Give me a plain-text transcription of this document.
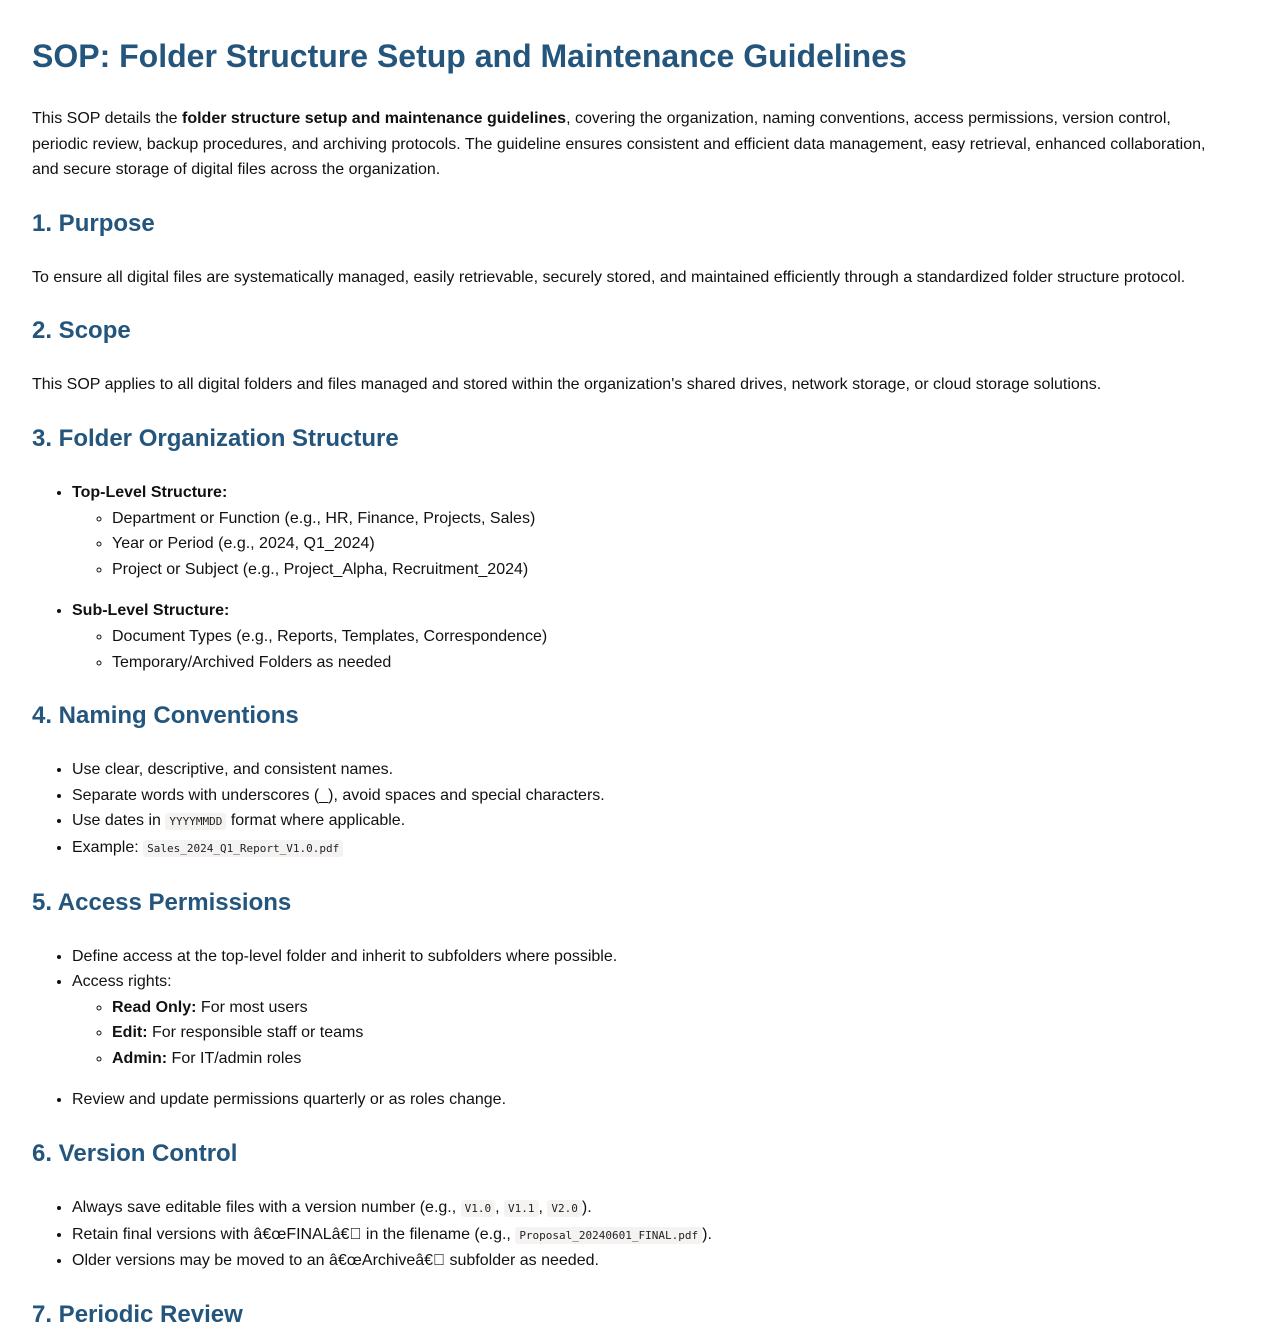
SOP: Folder Structure Setup and Maintenance Guidelines

This SOP details the folder structure setup and maintenance guidelines, covering the organization, naming conventions, access permissions, version control, periodic review, backup procedures, and archiving protocols. The guideline ensures consistent and efficient data management, easy retrieval, enhanced collaboration, and secure storage of digital files across the organization.

1. Purpose

To ensure all digital files are systematically managed, easily retrievable, securely stored, and maintained efficiently through a standardized folder structure protocol.

2. Scope

This SOP applies to all digital folders and files managed and stored within the organization's shared drives, network storage, or cloud storage solutions.

3. Folder Organization Structure
• Top-Level Structure:
◦ Department or Function (e.g., HR, Finance, Projects, Sales)
◦ Year or Period (e.g., 2024, Q1_2024)
◦ Project or Subject (e.g., Project_Alpha, Recruitment_2024)
• Sub-Level Structure:
◦ Document Types (e.g., Reports, Templates, Correspondence)
◦ Temporary/Archived Folders as needed
4. Naming Conventions
• Use clear, descriptive, and consistent names.
• Separate words with underscores (_), avoid spaces and special characters.
• Use dates in YYYYMMDD format where applicable.
• Example: Sales_2024_Q1_Report_V1.0.pdf
5. Access Permissions
• Define access at the top-level folder and inherit to subfolders where possible.
• Access rights:
◦ Read Only: For most users
◦ Edit: For responsible staff or teams
◦ Admin: For IT/admin roles
• Review and update permissions quarterly or as roles change.
6. Version Control
• Always save editable files with a version number (e.g., V1.0 , V1.1 , V2.0 ).
• Retain final versions with â€œFINALâ€  in the filename (e.g., Proposal_20240601_FINAL.pdf ).
• Older versions may be moved to an â€œArchiveâ€  subfolder as needed.
7. Periodic Review
